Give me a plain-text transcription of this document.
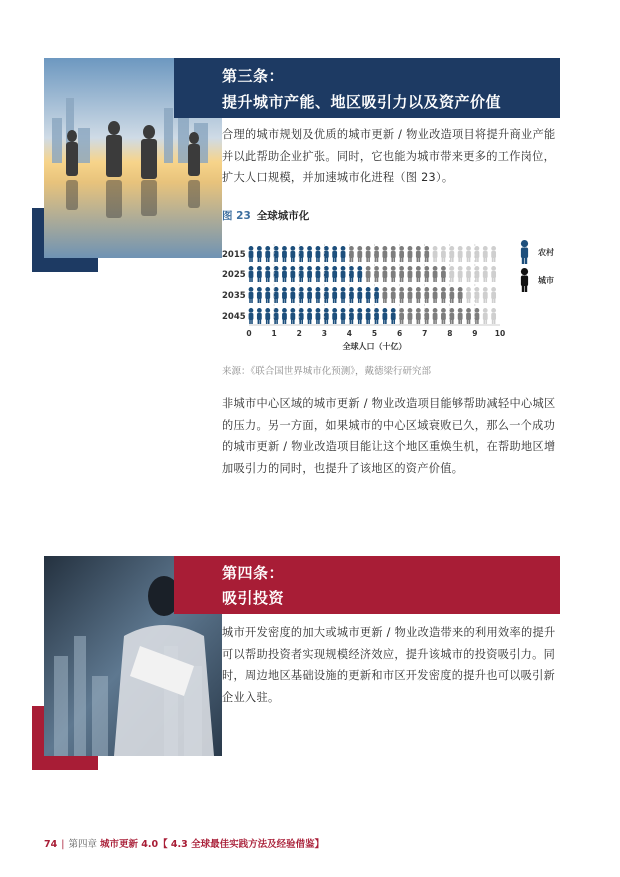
第三条：
提升城市产能、地区吸引力以及资产价值
合理的城市规划及优质的城市更新 / 物业改造项目将提升商业产能并以此帮助企业扩张。同时，它也能为城市带来更多的工作岗位，扩大人口规模，并加速城市化进程（图 23）。
图 23 全球城市化
2015
2025
2035
2045
0	1	2	3	4	5	6	7	8	9 10
全球人口（十亿）
农村
城市
来源：《联合国世界城市化预测》，戴德梁行研究部
非城市中心区域的城市更新 / 物业改造项目能够帮助减轻中心城区的压力。另一方面，如果城市的中心区域衰败已久，那么一个成功的城市更新 / 物业改造项目能让这个地区重焕生机，在帮助地区增加吸引力的同时，也提升了该地区的资产价值。
第四条：
吸引投资
城市开发密度的加大或城市更新 / 物业改造带来的利用效率的提升可以帮助投资者实现规模经济效应，提升该城市的投资吸引力。同时，周边地区基础设施的更新和市区开发密度的提升也可以吸引新企业入驻。
74 | 第四章 城市更新 4.0【 4.3 全球最佳实践方法及经验借鉴】
